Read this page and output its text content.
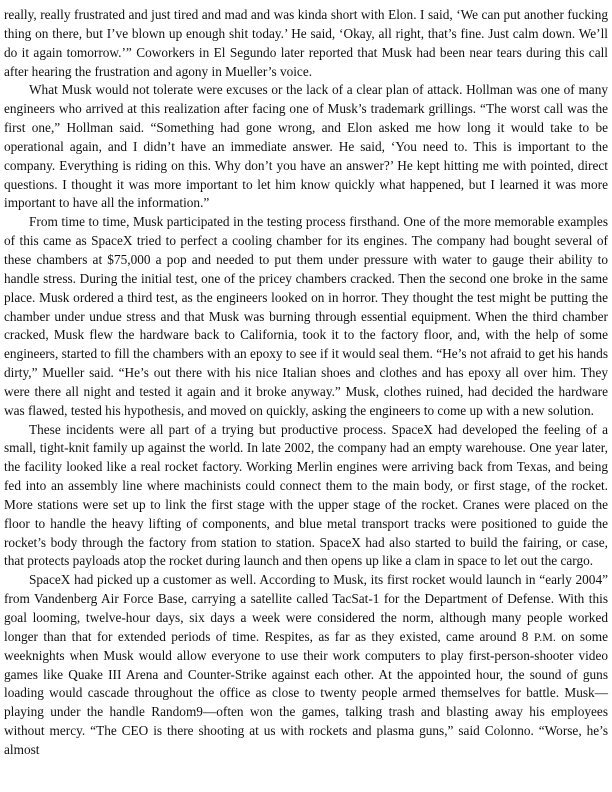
really, really frustrated and just tired and mad and was kinda short with Elon. I said, ‘We can put another fucking thing on there, but I’ve blown up enough shit today.’ He said, ‘Okay, all right, that’s fine. Just calm down. We’ll do it again tomorrow.’” Coworkers in El Segundo later reported that Musk had been near tears during this call after hearing the frustration and agony in Mueller’s voice.

What Musk would not tolerate were excuses or the lack of a clear plan of attack. Hollman was one of many engineers who arrived at this realization after facing one of Musk’s trademark grillings. “The worst call was the first one,” Hollman said. “Something had gone wrong, and Elon asked me how long it would take to be operational again, and I didn’t have an immediate answer. He said, ‘You need to. This is important to the company. Everything is riding on this. Why don’t you have an answer?’ He kept hitting me with pointed, direct questions. I thought it was more important to let him know quickly what happened, but I learned it was more important to have all the information.”

From time to time, Musk participated in the testing process firsthand. One of the more memorable examples of this came as SpaceX tried to perfect a cooling chamber for its engines. The company had bought several of these chambers at $75,000 a pop and needed to put them under pressure with water to gauge their ability to handle stress. During the initial test, one of the pricey chambers cracked. Then the second one broke in the same place. Musk ordered a third test, as the engineers looked on in horror. They thought the test might be putting the chamber under undue stress and that Musk was burning through essential equipment. When the third chamber cracked, Musk flew the hardware back to California, took it to the factory floor, and, with the help of some engineers, started to fill the chambers with an epoxy to see if it would seal them. “He’s not afraid to get his hands dirty,” Mueller said. “He’s out there with his nice Italian shoes and clothes and has epoxy all over him. They were there all night and tested it again and it broke anyway.” Musk, clothes ruined, had decided the hardware was flawed, tested his hypothesis, and moved on quickly, asking the engineers to come up with a new solution.

These incidents were all part of a trying but productive process. SpaceX had developed the feeling of a small, tight-knit family up against the world. In late 2002, the company had an empty warehouse. One year later, the facility looked like a real rocket factory. Working Merlin engines were arriving back from Texas, and being fed into an assembly line where machinists could connect them to the main body, or first stage, of the rocket. More stations were set up to link the first stage with the upper stage of the rocket. Cranes were placed on the floor to handle the heavy lifting of components, and blue metal transport tracks were positioned to guide the rocket’s body through the factory from station to station. SpaceX had also started to build the fairing, or case, that protects payloads atop the rocket during launch and then opens up like a clam in space to let out the cargo.

SpaceX had picked up a customer as well. According to Musk, its first rocket would launch in “early 2004” from Vandenberg Air Force Base, carrying a satellite called TacSat-1 for the Department of Defense. With this goal looming, twelve-hour days, six days a week were considered the norm, although many people worked longer than that for extended periods of time. Respites, as far as they existed, came around 8 P.M. on some weeknights when Musk would allow everyone to use their work computers to play first-person-shooter video games like Quake III Arena and Counter-Strike against each other. At the appointed hour, the sound of guns loading would cascade throughout the office as close to twenty people armed themselves for battle. Musk—playing under the handle Random9—often won the games, talking trash and blasting away his employees without mercy. “The CEO is there shooting at us with rockets and plasma guns,” said Colonno. “Worse, he’s almost
